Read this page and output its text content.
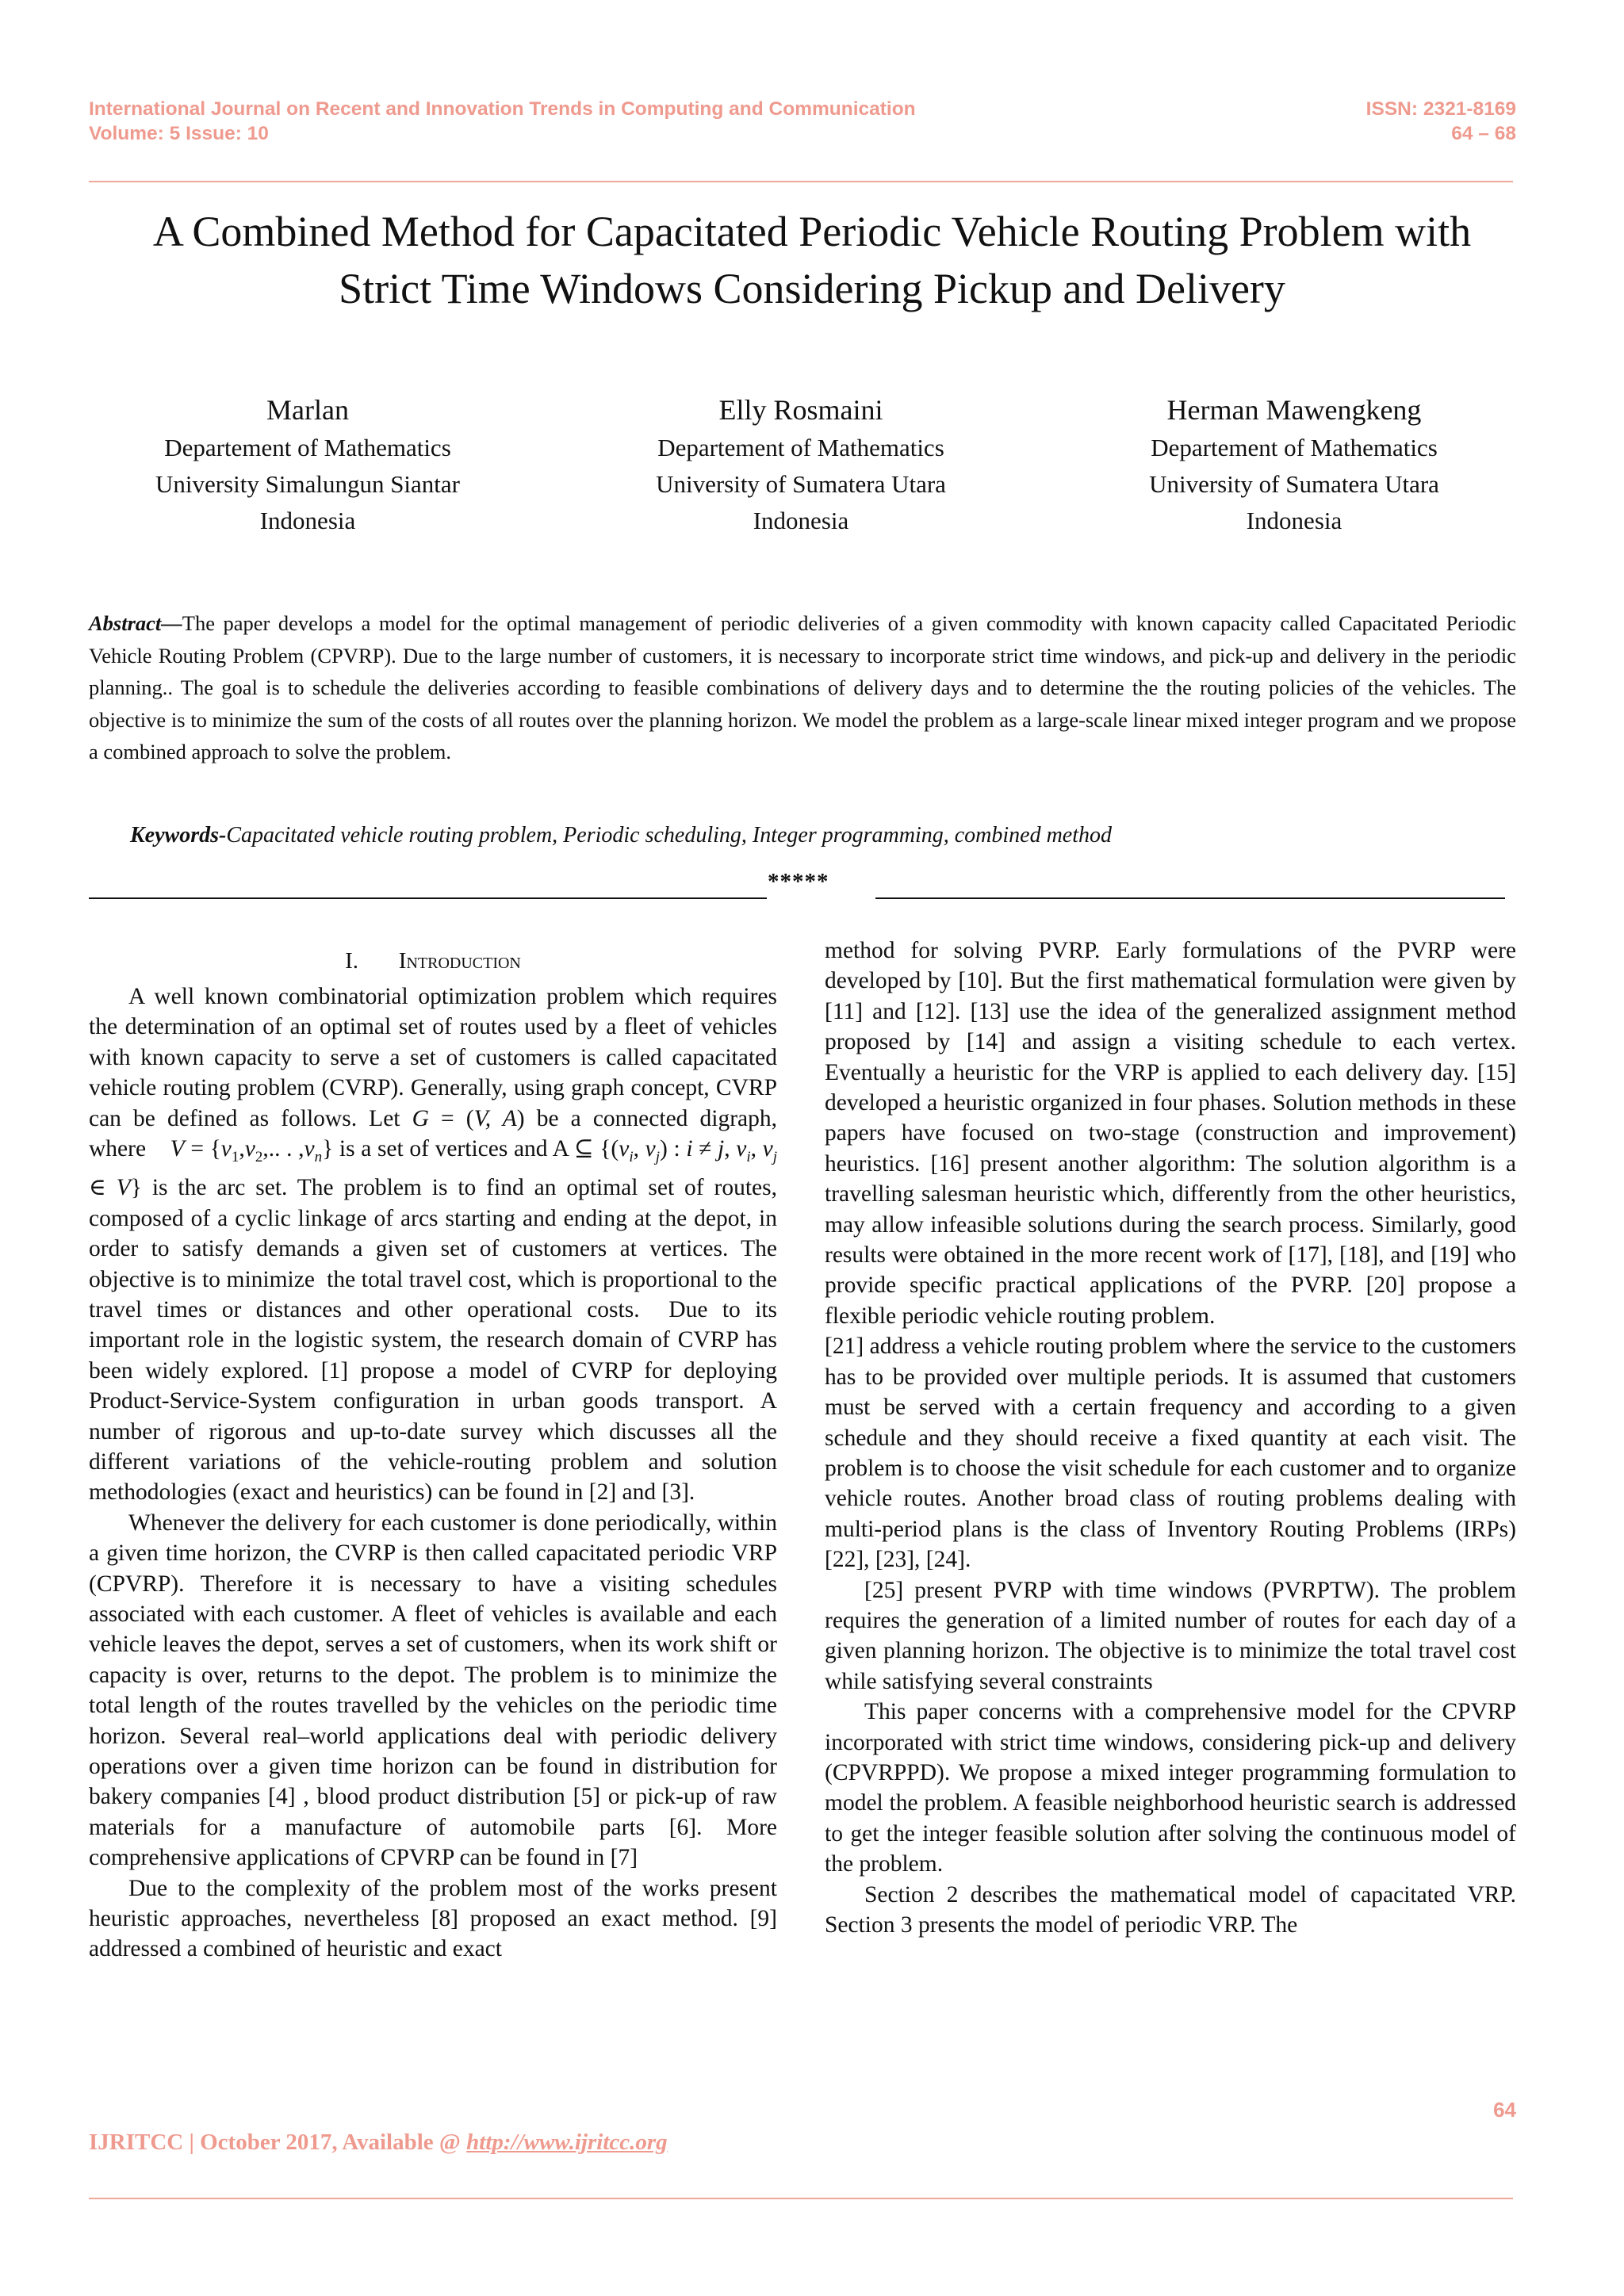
International Journal on Recent and Innovation Trends in Computing and Communication
Volume: 5 Issue: 10
ISSN: 2321-8169
64 – 68
A Combined Method for Capacitated Periodic Vehicle Routing Problem with
Strict Time Windows Considering Pickup and Delivery
Marlan
Departement of Mathematics
University Simalungun Siantar
Indonesia
Elly Rosmaini
Departement of Mathematics
University of Sumatera Utara
Indonesia
Herman Mawengkeng
Departement of Mathematics
University of Sumatera Utara
Indonesia
Abstract—The paper develops a model for the optimal management of periodic deliveries of a given commodity with known capacity called Capacitated Periodic Vehicle Routing Problem (CPVRP). Due to the large number of customers, it is necessary to incorporate strict time windows, and pick-up and delivery in the periodic planning.. The goal is to schedule the deliveries according to feasible combinations of delivery days and to determine the the routing policies of the vehicles. The objective is to minimize the sum of the costs of all routes over the planning horizon. We model the problem as a large-scale linear mixed integer program and we propose a combined approach to solve the problem.
Keywords-Capacitated vehicle routing problem, Periodic scheduling, Integer programming, combined method
*****
I. Introduction

A well known combinatorial optimization problem which requires the determination of an optimal set of routes used by a fleet of vehicles with known capacity to serve a set of customers is called capacitated vehicle routing problem (CVRP). Generally, using graph concept, CVRP can be defined as follows. Let G = (V, A) be a connected digraph, where    $V = \{v_1,v_2$,.. . $,v_n$} is a set of vertices and A ⊆ {($v_i$, $v_j$) : i ≠ j, $v_i$, $v_j$ ∈ V} is the arc set. The problem is to find an optimal set of routes, composed of a cyclic linkage of arcs starting and ending at the depot, in order to satisfy demands a given set of customers at vertices. The objective is to minimize  the total travel cost, which is proportional to the travel times or distances and other operational costs.  Due to its important role in the logistic system, the research domain of CVRP has been widely explored. [1] propose a model of CVRP for deploying Product-Service-System configuration in urban goods transport. A number of rigorous and up-to-date survey which discusses all the different variations of the vehicle-routing problem and solution methodologies (exact and heuristics) can be found in [2] and [3].

Whenever the delivery for each customer is done periodically, within a given time horizon, the CVRP is then called capacitated periodic VRP (CPVRP). Therefore it is necessary to have a visiting schedules associated with each customer. A fleet of vehicles is available and each vehicle leaves the depot, serves a set of customers, when its work shift or capacity is over, returns to the depot. The problem is to minimize the total length of the routes travelled by the vehicles on the periodic time horizon. Several real–world applications deal with periodic delivery operations over a given time horizon can be found in distribution for bakery companies [4] , blood product distribution [5] or pick-up of raw materials for a manufacture of automobile parts [6]. More comprehensive applications of CPVRP can be found in [7]

Due to the complexity of the problem most of the works present heuristic approaches, nevertheless [8] proposed an exact method. [9] addressed a combined of heuristic and exact

method for solving PVRP. Early formulations of the PVRP were developed by [10]. But the first mathematical formulation were given by [11] and [12]. [13] use the idea of the generalized assignment method proposed by [14] and assign a visiting schedule to each vertex. Eventually a heuristic for the VRP is applied to each delivery day. [15] developed a heuristic organized in four phases. Solution methods in these papers have focused on two-stage (construction and improvement) heuristics. [16] present another algorithm: The solution algorithm is a travelling salesman heuristic which, differently from the other heuristics, may allow infeasible solutions during the search process. Similarly, good results were obtained in the more recent work of [17], [18], and [19] who provide specific practical applications of the PVRP. [20] propose a flexible periodic vehicle routing problem.

[21] address a vehicle routing problem where the service to the customers has to be provided over multiple periods. It is assumed that customers must be served with a certain frequency and according to a given schedule and they should receive a fixed quantity at each visit. The problem is to choose the visit schedule for each customer and to organize vehicle routes. Another broad class of routing problems dealing with multi-period plans is the class of Inventory Routing Problems (IRPs) [22], [23], [24].

[25] present PVRP with time windows (PVRPTW). The problem requires the generation of a limited number of routes for each day of a given planning horizon. The objective is to minimize the total travel cost while satisfying several constraints

This paper concerns with a comprehensive model for the CPVRP incorporated with strict time windows, considering pick-up and delivery (CPVRPPD). We propose a mixed integer programming formulation to model the problem. A feasible neighborhood heuristic search is addressed to get the integer feasible solution after solving the continuous model of the problem.

Section 2 describes the mathematical model of capacitated VRP. Section 3 presents the model of periodic VRP. The

64
IJRITCC | October 2017, Available @ http://www.ijritcc.org
